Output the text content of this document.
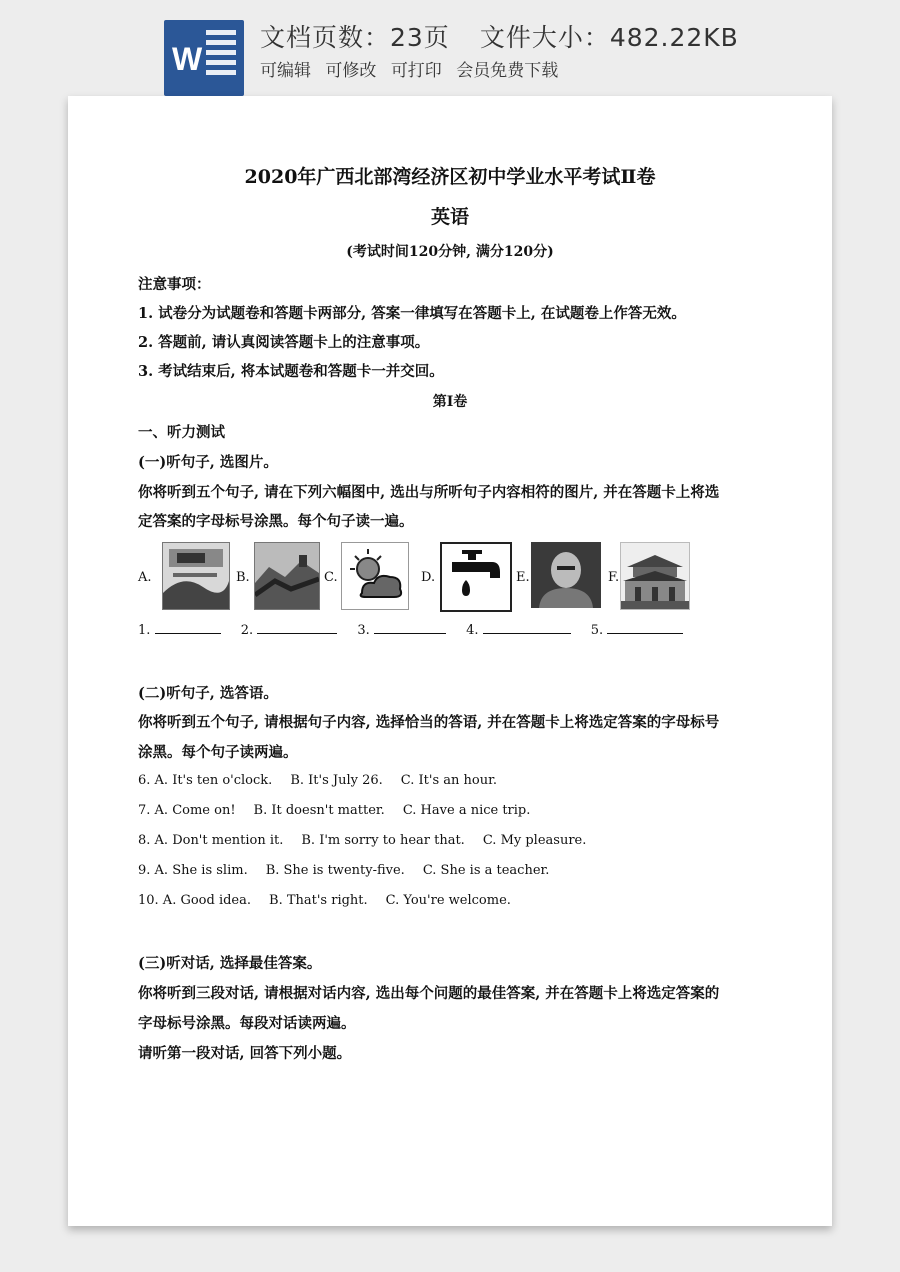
W
文档页数：23页 文件大小：482.22KB
可编辑 可修改 可打印 会员免费下载
2020年广西北部湾经济区初中学业水平考试Ⅱ卷
英语
(考试时间120分钟, 满分120分)
注意事项：
1. 试卷分为试题卷和答题卡两部分, 答案一律填写在答题卡上, 在试题卷上作答无效。
2. 答题前, 请认真阅读答题卡上的注意事项。
3. 考试结束后, 将本试题卷和答题卡一并交回。
第I卷
一、听力测试
(一)听句子, 选图片。
你将听到五个句子, 请在下列六幅图中, 选出与所听句子内容相符的图片, 并在答题卡上将选
定答案的字母标号涂黑。每个句子读一遍。
A.	B.	C.	D.	E.	F.
1.	2.	3.	4.	5.
(二)听句子, 选答语。
你将听到五个句子, 请根据句子内容, 选择恰当的答语, 并在答题卡上将选定答案的字母标号
涂黑。每个句子读两遍。
6. A. It's ten o'clock. B. It's July 26. C. It's an hour.
7. A. Come on! B. It doesn't matter. C. Have a nice trip.
8. A. Don't mention it. B. I'm sorry to hear that. C. My pleasure.
9. A. She is slim. B. She is twenty-five. C. She is a teacher.
10. A. Good idea. B. That's right. C. You're welcome.
(三)听对话, 选择最佳答案。
你将听到三段对话, 请根据对话内容, 选出每个问题的最佳答案, 并在答题卡上将选定答案的
字母标号涂黑。每段对话读两遍。
请听第一段对话, 回答下列小题。
